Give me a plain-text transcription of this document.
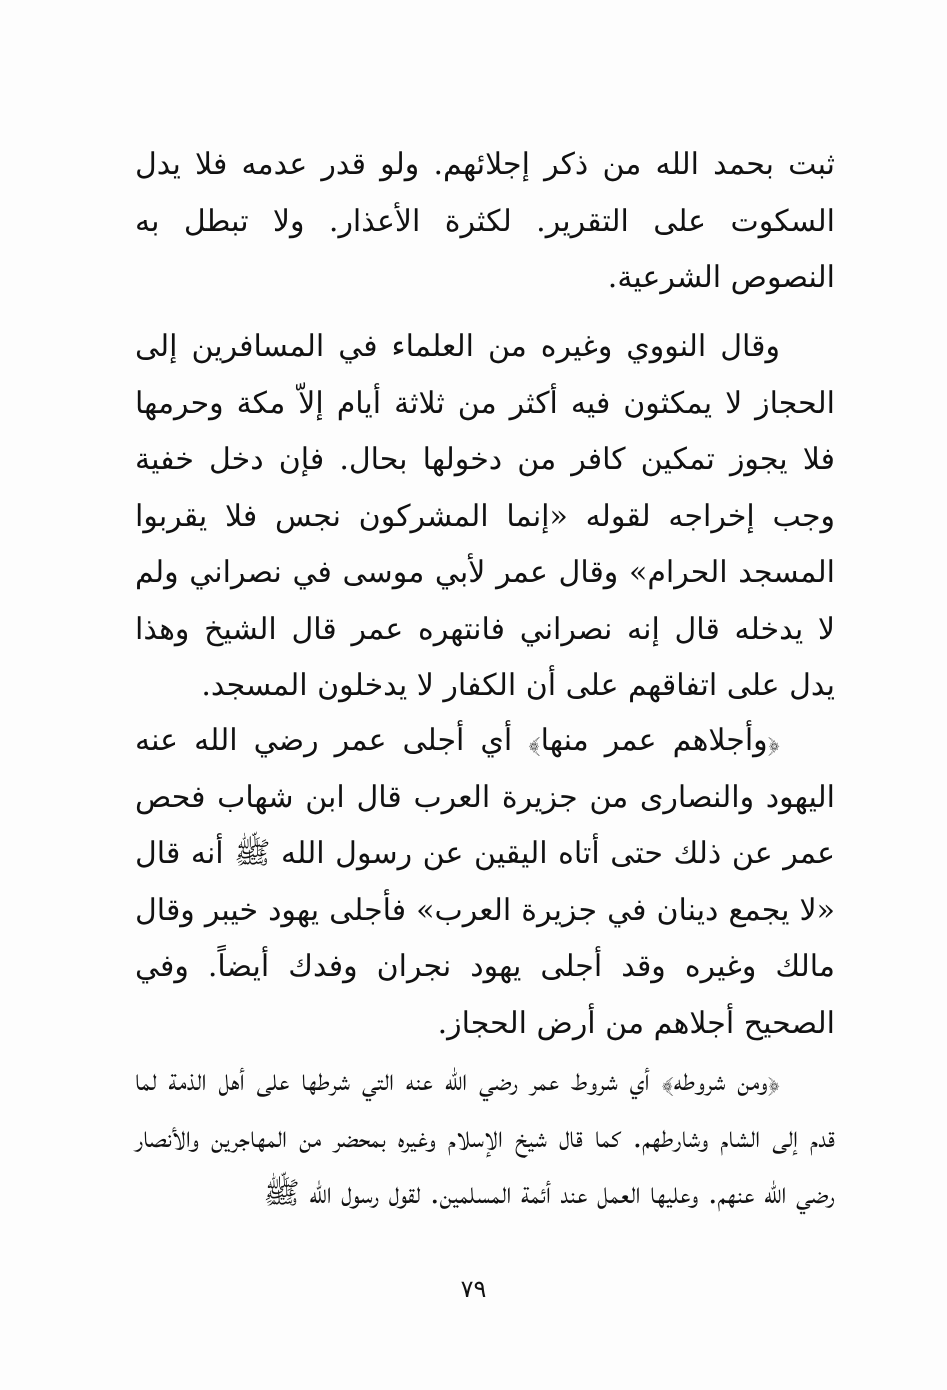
ثبت بحمد الله من ذكر إجلائهم. ولو قدر عدمه فلا يدل السكوت على التقرير. لكثرة الأعذار. ولا تبطل به النصوص الشرعية.

وقال النووي وغيره من العلماء في المسافرين إلى الحجاز لا يمكثون فيه أكثر من ثلاثة أيام إلاّ مكة وحرمها فلا يجوز تمكين كافر من دخولها بحال. فإن دخل خفية وجب إخراجه لقوله «إنما المشركون نجس فلا يقربوا المسجد الحرام» وقال عمر لأبي موسى في نصراني ولم لا يدخله قال إنه نصراني فانتهره عمر قال الشيخ وهذا يدل على اتفاقهم على أن الكفار لا يدخلون المسجد.

﴿وأجلاهم عمر منها﴾ أي أجلى عمر رضي الله عنه اليهود والنصارى من جزيرة العرب قال ابن شهاب فحص عمر عن ذلك حتى أتاه اليقين عن رسول الله ﷺ أنه قال «لا يجمع دينان في جزيرة العرب» فأجلى يهود خيبر وقال مالك وغيره وقد أجلى يهود نجران وفدك أيضاً. وفي الصحيح أجلاهم من أرض الحجاز.

﴿ومن شروطه﴾ أي شروط عمر رضي الله عنه التي شرطها على أهل الذمة لما قدم إلى الشام وشارطهم. كما قال شيخ الإسلام وغيره بمحضر من المهاجرين والأنصار رضي الله عنهم. وعليها العمل عند أئمة المسلمين. لقول رسول الله ﷺ

٧٩
